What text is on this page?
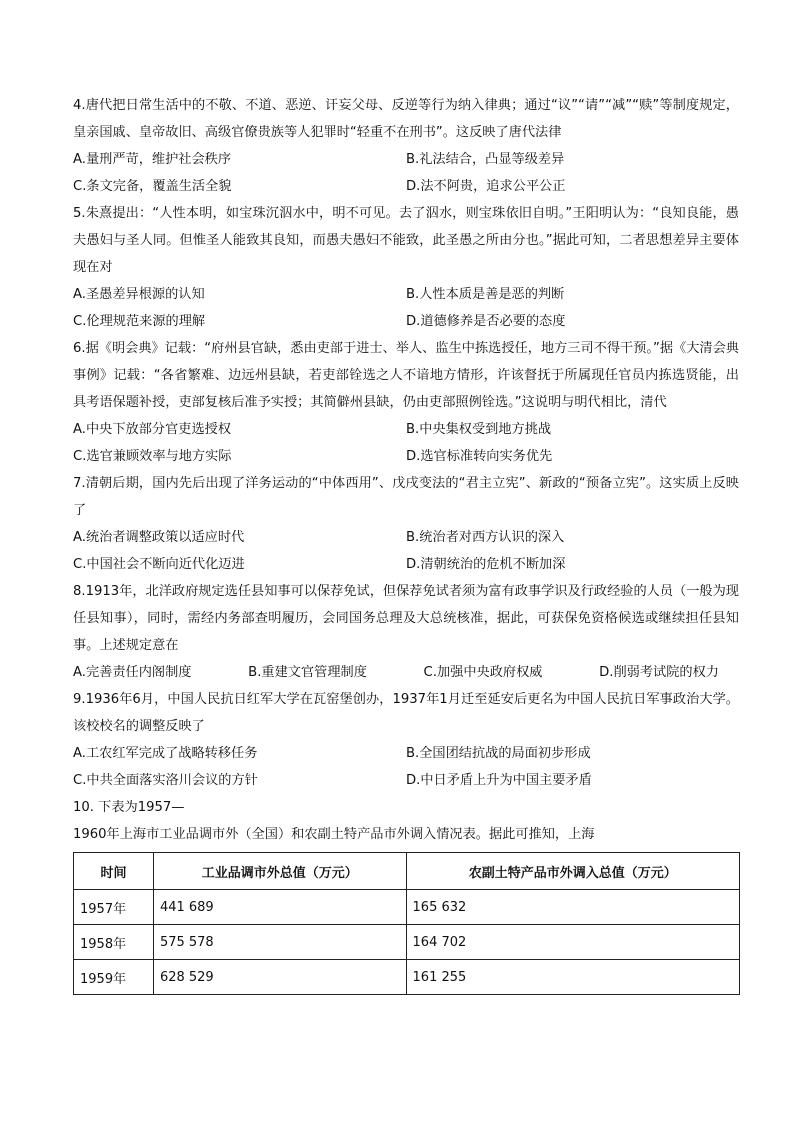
4.唐代把日常生活中的不敬、不道、恶逆、讦妄父母、反逆等行为纳入律典；通过“议”“请”“减”“赎”等制度规定，皇亲国戚、皇帝故旧、高级官僚贵族等人犯罪时“轻重不在刑书”。这反映了唐代法律

A.量刑严苛，维护社会秩序	B.礼法结合，凸显等级差异
C.条文完备，覆盖生活全貌	D.法不阿贵，追求公平公正

5.朱熹提出：“人性本明，如宝珠沉泅水中，明不可见。去了泅水，则宝珠依旧自明。”王阳明认为：“良知良能，愚夫愚妇与圣人同。但惟圣人能致其良知，而愚夫愚妇不能致，此圣愚之所由分也。”据此可知，二者思想差异主要体现在对

A.圣愚差异根源的认知	B.人性本质是善是恶的判断
C.伦理规范来源的理解	D.道德修养是否必要的态度

6.据《明会典》记载：“府州县官缺，悉由吏部于进士、举人、监生中拣选授任，地方三司不得干预。”据《大清会典事例》记载：“各省繁难、边远州县缺，若吏部铨选之人不谙地方情形，许该督抚于所属现任官员内拣选贤能，出具考语保题补授，吏部复核后准予实授；其简僻州县缺，仍由吏部照例铨选。”这说明与明代相比，清代

A.中央下放部分官吏选授权	B.中央集权受到地方挑战
C.选官兼顾效率与地方实际	D.选官标准转向实务优先

7.清朝后期，国内先后出现了洋务运动的“中体西用”、戊戌变法的“君主立宪”、新政的“预备立宪”。这实质上反映了

A.统治者调整政策以适应时代	B.统治者对西方认识的深入
C.中国社会不断向近代化迈进	D.清朝统治的危机不断加深

8.1913年，北洋政府规定选任县知事可以保荐免试，但保荐免试者须为富有政事学识及行政经验的人员（一般为现任县知事），同时，需经内务部查明履历，会同国务总理及大总统核准，据此，可获保免资格候选或继续担任县知事。上述规定意在

A.完善责任内阁制度	B.重建文官管理制度	C.加强中央政府权威	D.削弱考试院的权力

9.1936年6月，中国人民抗日红军大学在瓦窑堡创办，1937年1月迁至延安后更名为中国人民抗日军事政治大学。该校校名的调整反映了

A.工农红军完成了战略转移任务	B.全国团结抗战的局面初步形成
C.中共全面落实洛川会议的方针	D.中日矛盾上升为中国主要矛盾

10. 下表为1957—

1960年上海市工业品调市外（全国）和农副土特产品市外调入情况表。据此可推知，上海

时间	工业品调市外总值（万元）	农副土特产品市外调入总值（万元）
1957年	441 689	165 632
1958年	575 578	164 702
1959年	628 529	161 255
